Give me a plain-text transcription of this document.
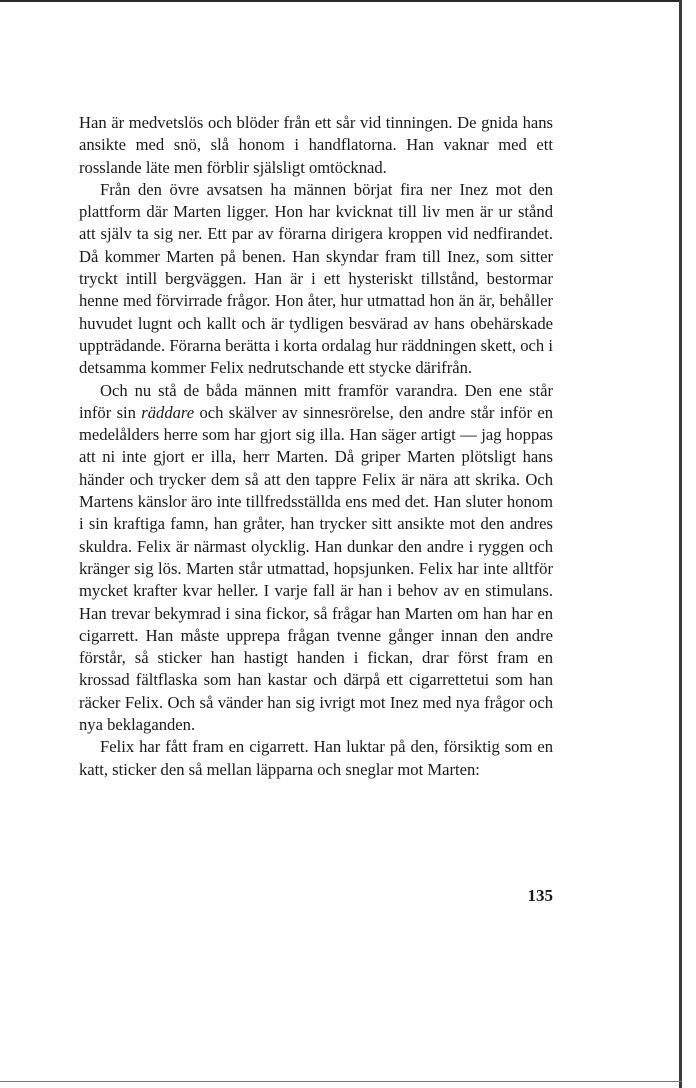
Han är medvetslös och blöder från ett sår vid tinningen. De gnida hans ansikte med snö, slå honom i handflatorna. Han vaknar med ett rosslande läte men förblir själsligt omtöcknad.

Från den övre avsatsen ha männen börjat fira ner Inez mot den plattform där Marten ligger. Hon har kvicknat till liv men är ur stånd att själv ta sig ner. Ett par av förarna dirigera kroppen vid nedfirandet. Då kommer Marten på benen. Han skyndar fram till Inez, som sitter tryckt intill bergväggen. Han är i ett hysteriskt tillstånd, bestormar henne med förvirrade frågor. Hon åter, hur utmattad hon än är, behåller huvudet lugnt och kallt och är tydligen besvärad av hans obehärskade uppträdande. Förarna berätta i korta ordalag hur räddningen skett, och i detsamma kommer Felix nedrutschande ett stycke därifrån.

Och nu stå de båda männen mitt framför varandra. Den ene står inför sin räddare och skälver av sinnesrörelse, den andre står inför en medelålders herre som har gjort sig illa. Han säger artigt — jag hoppas att ni inte gjort er illa, herr Marten. Då griper Marten plötsligt hans händer och trycker dem så att den tappre Felix är nära att skrika. Och Martens känslor äro inte tillfredsställda ens med det. Han sluter honom i sin kraftiga famn, han gråter, han trycker sitt ansikte mot den andres skuldra. Felix är närmast olycklig. Han dunkar den andre i ryggen och kränger sig lös. Marten står utmattad, hopsjunken. Felix har inte alltför mycket krafter kvar heller. I varje fall är han i behov av en stimulans. Han trevar bekymrad i sina fickor, så frågar han Marten om han har en cigarrett. Han måste upprepa frågan tvenne gånger innan den andre förstår, så sticker han hastigt handen i fickan, drar först fram en krossad fältflaska som han kastar och därpå ett cigarrettetui som han räcker Felix. Och så vänder han sig ivrigt mot Inez med nya frågor och nya beklaganden.

Felix har fått fram en cigarrett. Han luktar på den, försiktig som en katt, sticker den så mellan läpparna och sneglar mot Marten:

135
